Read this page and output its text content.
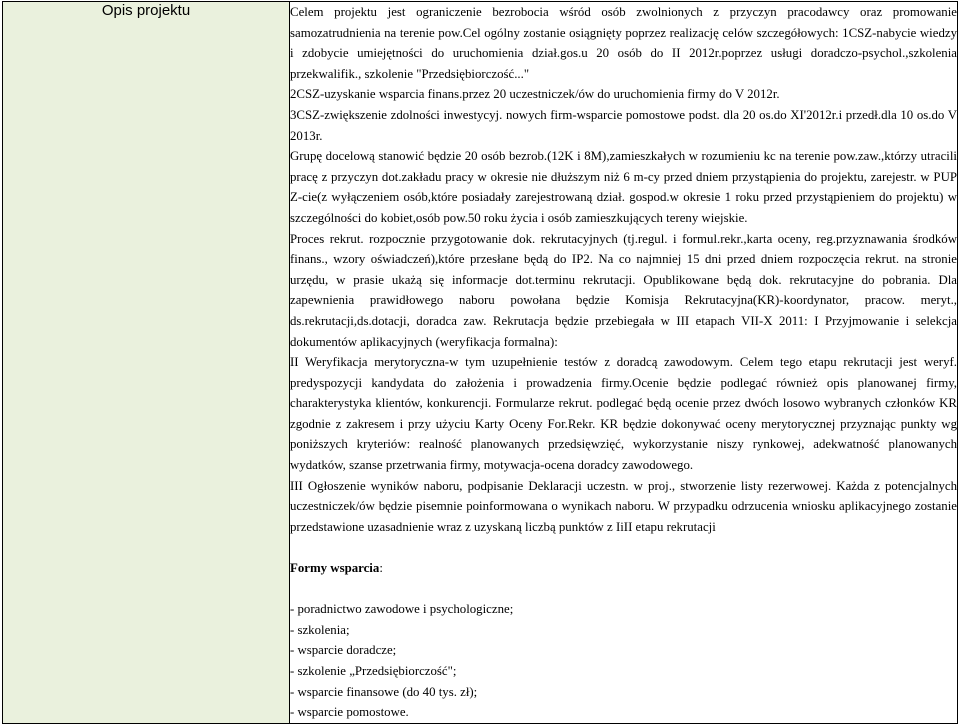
Opis projektu	Celem projektu jest ograniczenie bezrobocia wśród osób zwolnionych z przyczyn pracodawcy oraz promowanie samozatrudnienia na terenie pow.Cel ogólny zostanie osiągnięty poprzez realizację celów szczegółowych: 1CSZ-nabycie wiedzy i zdobycie umiejętności do uruchomienia dział.gos.u 20 osób do II 2012r.poprzez usługi doradczo-psychol.,szkolenia przekwalifik., szkolenie "Przedsiębiorczość..."

2CSZ-uzyskanie wsparcia finans.przez 20 uczestniczek/ów do uruchomienia firmy do V 2012r.

3CSZ-zwiększenie zdolności inwestycyj. nowych firm-wsparcie pomostowe podst. dla 20 os.do XI'2012r.i przedł.dla 10 os.do V 2013r.

Grupę docelową stanowić będzie 20 osób bezrob.(12K i 8M),zamieszkałych w rozumieniu kc na terenie pow.zaw.,którzy utracili pracę z przyczyn dot.zakładu pracy w okresie nie dłuższym niż 6 m-cy przed dniem przystąpienia do projektu, zarejestr. w PUP Z-cie(z wyłączeniem osób,które posiadały zarejestrowaną dział. gospod.w okresie 1 roku przed przystąpieniem do projektu) w szczególności do kobiet,osób pow.50 roku życia i osób zamieszkujących tereny wiejskie.

Proces rekrut. rozpocznie przygotowanie dok. rekrutacyjnych (tj.regul. i formul.rekr.,karta oceny, reg.przyznawania środków finans., wzory oświadczeń),które przesłane będą do IP2. Na co najmniej 15 dni przed dniem rozpoczęcia rekrut. na stronie urzędu, w prasie ukażą się informacje dot.terminu rekrutacji. Opublikowane będą dok. rekrutacyjne do pobrania. Dla zapewnienia prawidłowego naboru powołana będzie Komisja Rekrutacyjna(KR)-koordynator, pracow. meryt., ds.rekrutacji,ds.dotacji, doradca zaw. Rekrutacja będzie przebiegała w III etapach VII-X 2011: I Przyjmowanie i selekcja dokumentów aplikacyjnych (weryfikacja formalna):

II Weryfikacja merytoryczna-w tym uzupełnienie testów z doradcą zawodowym. Celem tego etapu rekrutacji jest weryf. predyspozycji kandydata do założenia i prowadzenia firmy.Ocenie będzie podlegać również opis planowanej firmy, charakterystyka klientów, konkurencji. Formularze rekrut. podlegać będą ocenie przez dwóch losowo wybranych członków KR zgodnie z zakresem i przy użyciu Karty Oceny For.Rekr. KR będzie dokonywać oceny merytorycznej przyznając punkty wg poniższych kryteriów: realność planowanych przedsięwzięć, wykorzystanie niszy rynkowej, adekwatność planowanych wydatków, szanse przetrwania firmy, motywacja-ocena doradcy zawodowego.

III Ogłoszenie wyników naboru, podpisanie Deklaracji uczestn. w proj., stworzenie listy rezerwowej. Każda z potencjalnych uczestniczek/ów będzie pisemnie poinformowana o wynikach naboru. W przypadku odrzucenia wniosku aplikacyjnego zostanie przedstawione uzasadnienie wraz z uzyskaną liczbą punktów z IiII etapu rekrutacji

Formy wsparcia:
- poradnictwo zawodowe i psychologiczne;
- szkolenia;
- wsparcie doradcze;
- szkolenie „Przedsiębiorczość";
- wsparcie finansowe (do 40 tys. zł);
- wsparcie pomostowe.
